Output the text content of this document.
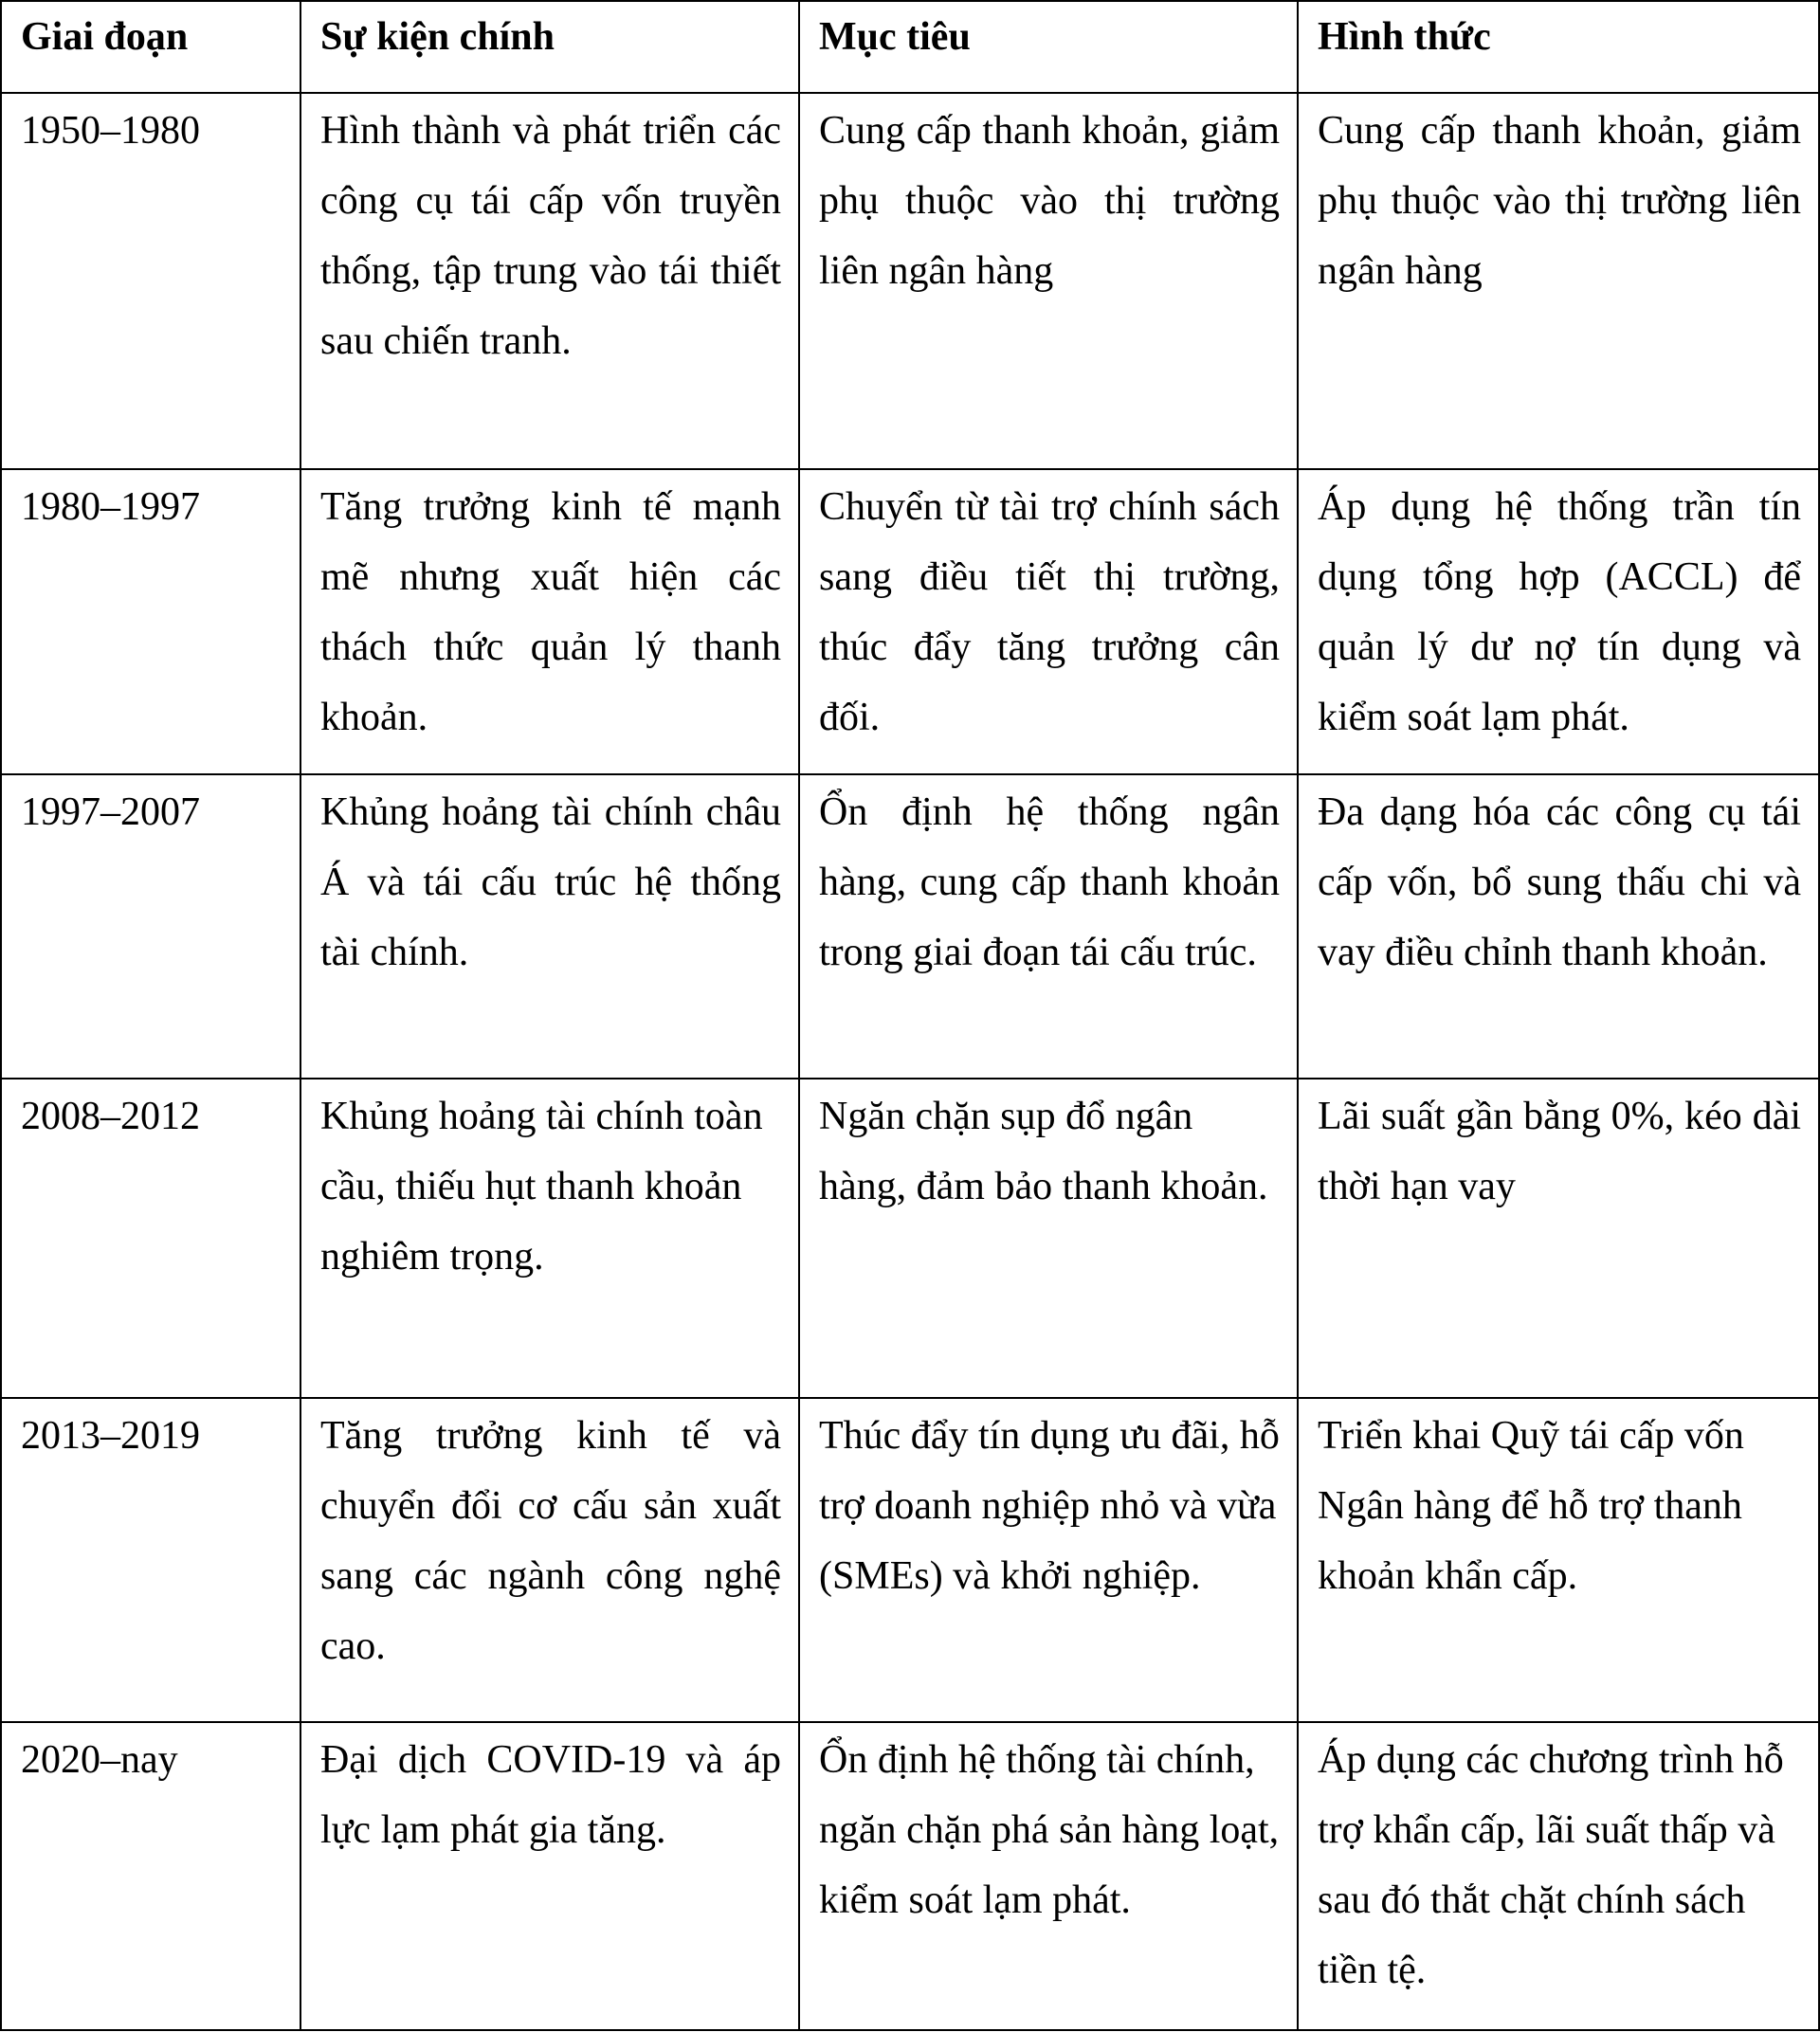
Giai đoạn	Sự kiện chính	Mục tiêu	Hình thức
1950–1980	Hình thành và phát triển các công cụ tái cấp vốn truyền thống, tập trung vào tái thiết sau chiến tranh.	Cung cấp thanh khoản, giảm phụ thuộc vào thị trường liên ngân hàng	Cung cấp thanh khoản, giảm phụ thuộc vào thị trường liên ngân hàng
1980–1997	Tăng trưởng kinh tế mạnh mẽ nhưng xuất hiện các thách thức quản lý thanh khoản.	Chuyển từ tài trợ chính sách sang điều tiết thị trường, thúc đẩy tăng trưởng cân đối.	Áp dụng hệ thống trần tín dụng tổng hợp (ACCL) để quản lý dư nợ tín dụng và kiểm soát lạm phát.
1997–2007	Khủng hoảng tài chính châu Á và tái cấu trúc hệ thống tài chính.	Ổn định hệ thống ngân hàng, cung cấp thanh khoản trong giai đoạn tái cấu trúc.	Đa dạng hóa các công cụ tái cấp vốn, bổ sung thấu chi và vay điều chỉnh thanh khoản.
2008–2012	Khủng hoảng tài chính toàn cầu, thiếu hụt thanh khoản nghiêm trọng.	Ngăn chặn sụp đổ ngân hàng, đảm bảo thanh khoản.	Lãi suất gần bằng 0%, kéo dài thời hạn vay
2013–2019	Tăng trưởng kinh tế và chuyển đổi cơ cấu sản xuất sang các ngành công nghệ cao.	Thúc đẩy tín dụng ưu đãi, hỗ trợ doanh nghiệp nhỏ và vừa (SMEs) và khởi nghiệp.	Triển khai Quỹ tái cấp vốn Ngân hàng để hỗ trợ thanh khoản khẩn cấp.
2020–nay	Đại dịch COVID-19 và áp lực lạm phát gia tăng.	Ổn định hệ thống tài chính, ngăn chặn phá sản hàng loạt, kiểm soát lạm phát.	Áp dụng các chương trình hỗ trợ khẩn cấp, lãi suất thấp và sau đó thắt chặt chính sách tiền tệ.
